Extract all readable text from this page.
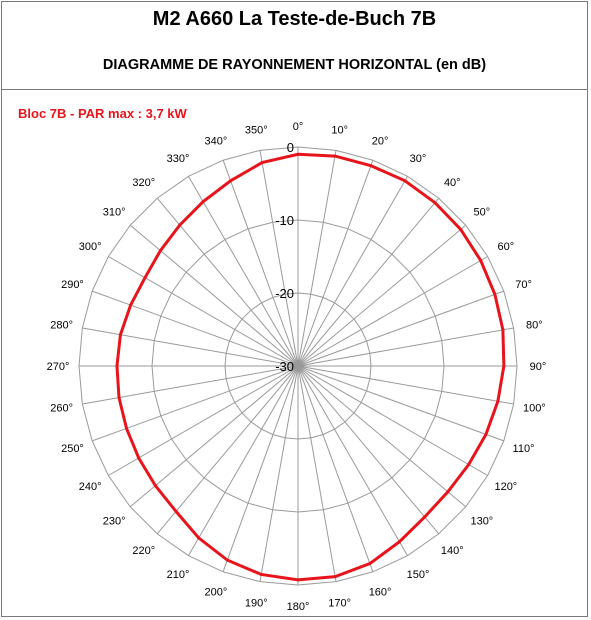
M2 A660 La Teste-de-Buch 7B
DIAGRAMME DE RAYONNEMENT HORIZONTAL (en dB)
0
-10
-20
-30
0°	10°
20°
30°
40°
50°
60°
70°
80°
90°
100°
110°
120°
130°
140°
150°
160°
170°
180°
190°
200°
210°
220°
230°
240°
250°
260°
270°
280°
290°
300°
310°
320°
330°
340°
350°
Bloc 7B - PAR max : 3,7 kW
